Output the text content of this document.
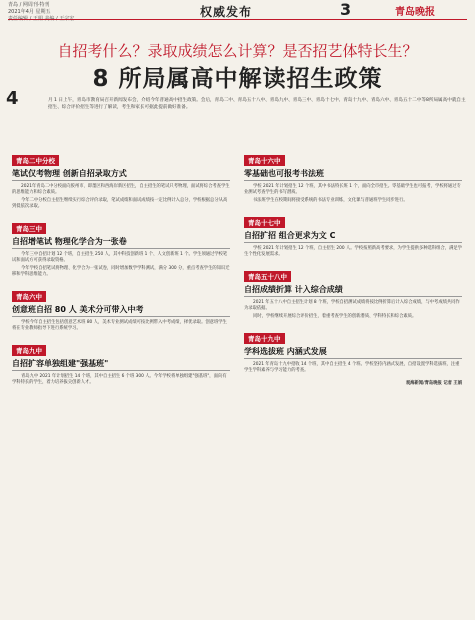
青岛 / 网周刊·特刊
2021年4月 星期五	权威发布	3	青岛晚报
自招考什么？录取成绩怎么计算？是否招艺体特长生？
8 所局属高中解读招生政策
4	月 1 日上午，青岛市教育局召开新闻发布会，介绍今年普通高中招生政策。会后，青岛二中、青岛五十八中、青岛九中、青岛三中、青岛十七中、青岛十九中、青岛六中、青岛五十二中等8所局属高中就自主招生、综合评价招生等进行了解读，考生和家长可据此提前做好准备。
青岛二中分校
笔试仅考物理 创新自招录取方式

2021年青岛二中分校面向胶州市、即墨区和西海岸新区招生，自主招生的笔试只考物理，面试将综合考查学生的思维能力和综合素质。

今年二中分校自主招生继续实行综合评价录取，笔试成绩和面试成绩按一定比例计入总分，学校根据总分从高到低依次录取。

青岛三中
自招增笔试 物理化学合为一张卷

今年三中自招计划 12 个班，自主招生 250 人，其中科技创新班 1 个、人文创新班 1 个。学生须通过学校笔试和面试方可获得录取资格。

今年学校自招笔试将物理、化学合为一张试卷，同时增加数学学科测试，满分 300 分，重点考查学生的知识迁移和学科思维能力。

青岛六中
创意班自招 80 人 美术分可带入中考

学校今年自主招生包括创意艺术班 80 人，美术专业测试成绩可按比例带入中考成绩，择优录取。创意班学生将在专业教师指导下进行系统学习。

青岛九中
自招扩容单独组建"强基班"

青岛九中 2021 年计划招生 14 个班，其中自主招生 6 个班 300 人。今年学校将单独组建"强基班"，面向有学科特长的学生，着力培养拔尖创新人才。

青岛十六中
零基础也可报考书法班

学校 2021 年计划招生 12 个班，其中书法特长班 1 个，面向全市招生。零基础学生也可报考，学校将通过专业测试考查学生的书写潜质。

书法班学生在校期间将接受系统的书法专业训练，文化课与普通班学生同步进行。

青岛十七中
自招扩招 组合更求为文 C

学校 2021 年计划招生 12 个班，自主招生 200 人。学校按照新高考要求，为学生提供多种选科组合，满足学生个性化发展需求。

青岛五十八中
自招成绩折算 计入综合成绩

2021 年五十八中自主招生计划 8 个班，学校自招测试成绩将按比例折算后计入综合成绩，与中考成绩共同作为录取依据。

同时，学校继续开展综合评价招生，着重考查学生的创新潜质、学科特长和综合素质。

青岛十九中
学科选拔班 内涵式发展

2021 年青岛十九中招收 14 个班，其中自主招生 4 个班。学校坚持内涵式发展，自招设置学科选拔班，注重学生学科素养与学习能力的考查。

观海新闻/青岛晚报 记者 王娟
